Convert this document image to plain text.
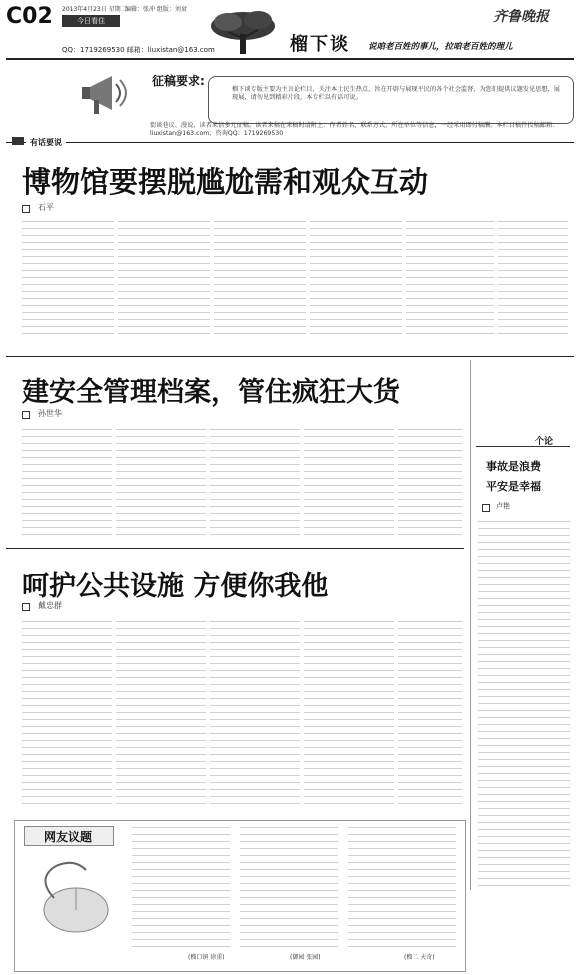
C02 2013年4月23日 星期二
编辑：张冲 组版：刘衰
今日看住
QQ：1719269530 邮箱：liuxistan@163.com
齐鲁晚报
榴下谈 说咱老百姓的事儿，拉咱老百姓的理儿
征稿要求:
榴下谈专版主要为主言论栏目，关注本土民生热点，旨在开辟与展现平民的各个社会监督，为您们提供议题发见思想，展现展，请勿见到精彩片段，本专栏以有话可说。
街谈巷议、漫说、读者来信多元征稿。读者来稿在来稿时请附上：作者姓名、联系方式、所在单位等信息，一经采用即付稿酬。本栏目稿件投稿邮箱：liuxistan@163.com；咨询QQ：1719269530
有话要说
博物馆要摆脱尴尬需和观众互动
石平
建安全管理档案，管住疯狂大货
孙世华
个论
事故是浪费
平安是幸福
卢艳
呵护公共设施 方便你我他
戴忠群
网友议题
(榴口镇 徐重)	(御园 张园)	(榴二 天奇)
